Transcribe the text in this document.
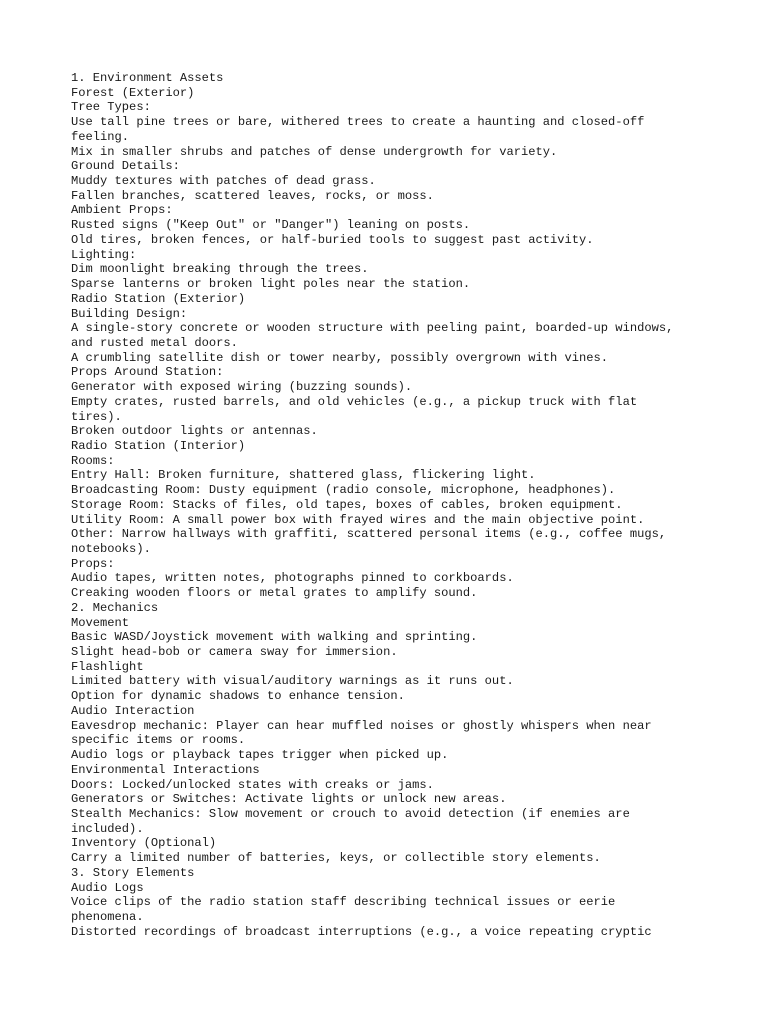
1. Environment Assets
Forest (Exterior)
Tree Types:
Use tall pine trees or bare, withered trees to create a haunting and closed-off
feeling.
Mix in smaller shrubs and patches of dense undergrowth for variety.
Ground Details:
Muddy textures with patches of dead grass.
Fallen branches, scattered leaves, rocks, or moss.
Ambient Props:
Rusted signs ("Keep Out" or "Danger") leaning on posts.
Old tires, broken fences, or half-buried tools to suggest past activity.
Lighting:
Dim moonlight breaking through the trees.
Sparse lanterns or broken light poles near the station.
Radio Station (Exterior)
Building Design:
A single-story concrete or wooden structure with peeling paint, boarded-up windows,
and rusted metal doors.
A crumbling satellite dish or tower nearby, possibly overgrown with vines.
Props Around Station:
Generator with exposed wiring (buzzing sounds).
Empty crates, rusted barrels, and old vehicles (e.g., a pickup truck with flat
tires).
Broken outdoor lights or antennas.
Radio Station (Interior)
Rooms:
Entry Hall: Broken furniture, shattered glass, flickering light.
Broadcasting Room: Dusty equipment (radio console, microphone, headphones).
Storage Room: Stacks of files, old tapes, boxes of cables, broken equipment.
Utility Room: A small power box with frayed wires and the main objective point.
Other: Narrow hallways with graffiti, scattered personal items (e.g., coffee mugs,
notebooks).
Props:
Audio tapes, written notes, photographs pinned to corkboards.
Creaking wooden floors or metal grates to amplify sound.
2. Mechanics
Movement
Basic WASD/Joystick movement with walking and sprinting.
Slight head-bob or camera sway for immersion.
Flashlight
Limited battery with visual/auditory warnings as it runs out.
Option for dynamic shadows to enhance tension.
Audio Interaction
Eavesdrop mechanic: Player can hear muffled noises or ghostly whispers when near
specific items or rooms.
Audio logs or playback tapes trigger when picked up.
Environmental Interactions
Doors: Locked/unlocked states with creaks or jams.
Generators or Switches: Activate lights or unlock new areas.
Stealth Mechanics: Slow movement or crouch to avoid detection (if enemies are
included).
Inventory (Optional)
Carry a limited number of batteries, keys, or collectible story elements.
3. Story Elements
Audio Logs
Voice clips of the radio station staff describing technical issues or eerie
phenomena.
Distorted recordings of broadcast interruptions (e.g., a voice repeating cryptic
